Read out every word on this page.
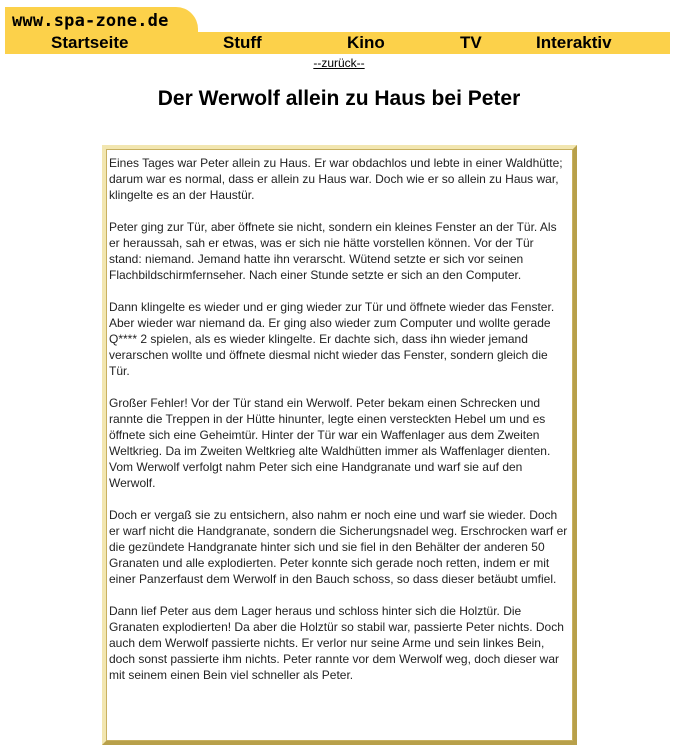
www.spa-zone.de
Startseite	Stuff	Kino	TV	Interaktiv
--zurück--
Der Werwolf allein zu Haus bei Peter

Eines Tages war Peter allein zu Haus. Er war obdachlos und lebte in einer Waldhütte; darum war es normal, dass er allein zu Haus war. Doch wie er so allein zu Haus war, klingelte es an der Haustür.

Peter ging zur Tür, aber öffnete sie nicht, sondern ein kleines Fenster an der Tür. Als er heraussah, sah er etwas, was er sich nie hätte vorstellen können. Vor der Tür stand: niemand. Jemand hatte ihn verarscht. Wütend setzte er sich vor seinen Flachbildschirmfernseher. Nach einer Stunde setzte er sich an den Computer.

Dann klingelte es wieder und er ging wieder zur Tür und öffnete wieder das Fenster. Aber wieder war niemand da. Er ging also wieder zum Computer und wollte gerade Q**** 2 spielen, als es wieder klingelte. Er dachte sich, dass ihn wieder jemand verarschen wollte und öffnete diesmal nicht wieder das Fenster, sondern gleich die Tür.

Großer Fehler! Vor der Tür stand ein Werwolf. Peter bekam einen Schrecken und rannte die Treppen in der Hütte hinunter, legte einen versteckten Hebel um und es öffnete sich eine Geheimtür. Hinter der Tür war ein Waffenlager aus dem Zweiten Weltkrieg. Da im Zweiten Weltkrieg alte Waldhütten immer als Waffenlager dienten. Vom Werwolf verfolgt nahm Peter sich eine Handgranate und warf sie auf den Werwolf.

Doch er vergaß sie zu entsichern, also nahm er noch eine und warf sie wieder. Doch er warf nicht die Handgranate, sondern die Sicherungsnadel weg. Erschrocken warf er die gezündete Handgranate hinter sich und sie fiel in den Behälter der anderen 50 Granaten und alle explodierten. Peter konnte sich gerade noch retten, indem er mit einer Panzerfaust dem Werwolf in den Bauch schoss, so dass dieser betäubt umfiel.

Dann lief Peter aus dem Lager heraus und schloss hinter sich die Holztür. Die Granaten explodierten! Da aber die Holztür so stabil war, passierte Peter nichts. Doch auch dem Werwolf passierte nichts. Er verlor nur seine Arme und sein linkes Bein, doch sonst passierte ihm nichts. Peter rannte vor dem Werwolf weg, doch dieser war mit seinem einen Bein viel schneller als Peter.
